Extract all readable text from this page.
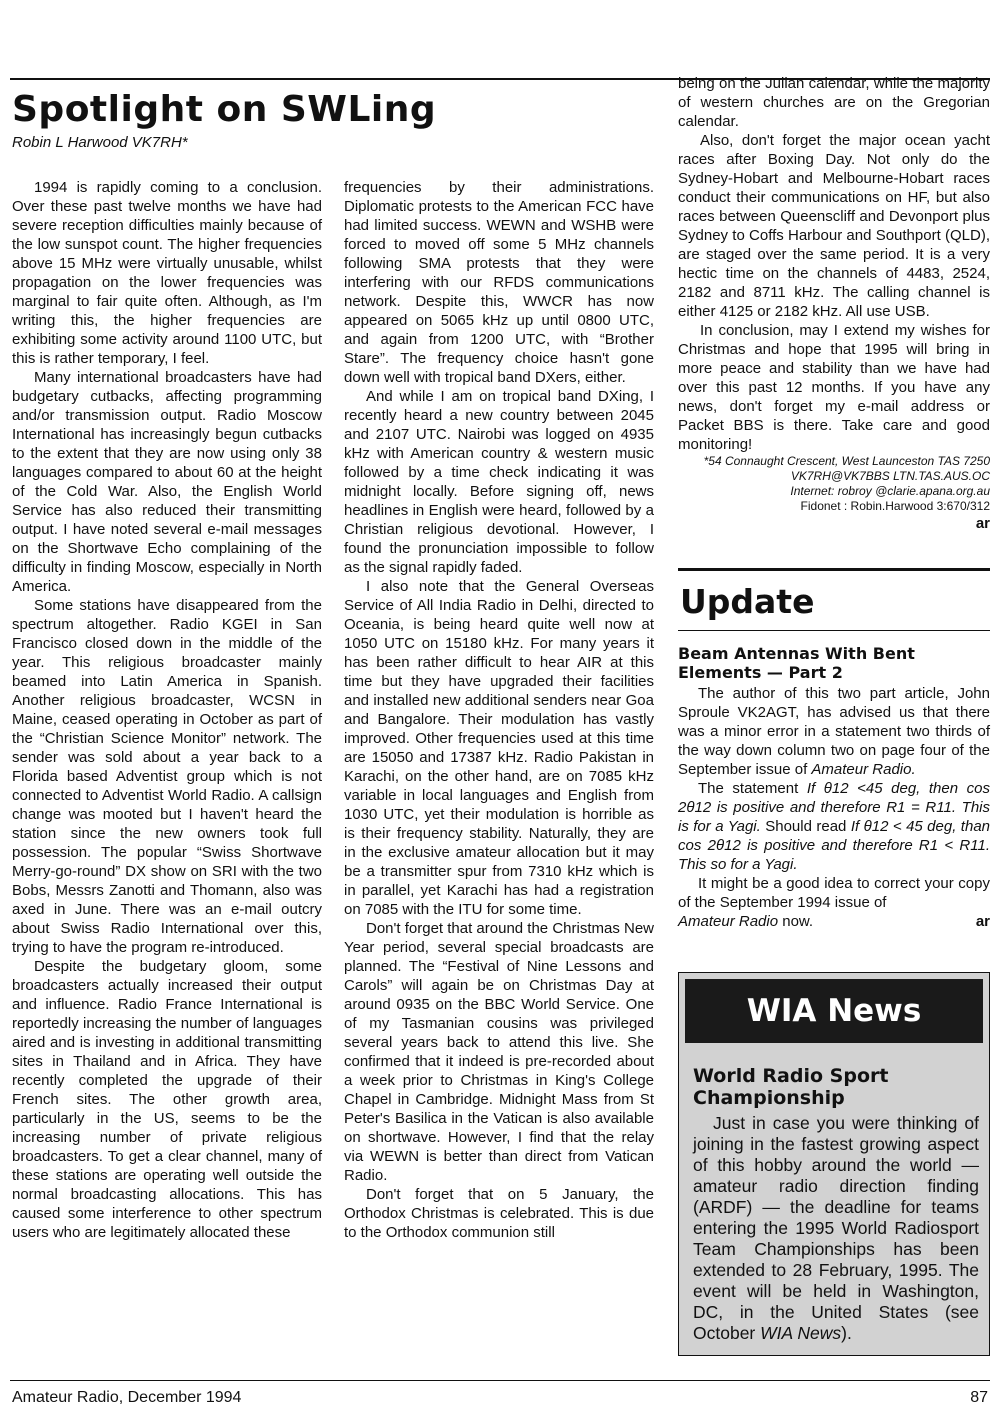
Spotlight on SWLing

Robin L Harwood VK7RH*

1994 is rapidly coming to a conclusion. Over these past twelve months we have had severe reception difficulties mainly because of the low sunspot count. The higher frequencies above 15 MHz were virtually unusable, whilst propagation on the lower frequencies was marginal to fair quite often. Although, as I'm writing this, the higher frequencies are exhibiting some activity around 1100 UTC, but this is rather temporary, I feel.

Many international broadcasters have had budgetary cutbacks, affecting programming and/or transmission output. Radio Moscow International has increasingly begun cutbacks to the extent that they are now using only 38 languages compared to about 60 at the height of the Cold War. Also, the English World Service has also reduced their transmitting output. I have noted several e-mail messages on the Shortwave Echo complaining of the difficulty in finding Moscow, especially in North America.

Some stations have disappeared from the spectrum altogether. Radio KGEI in San Francisco closed down in the middle of the year. This religious broadcaster mainly beamed into Latin America in Spanish. Another religious broadcaster, WCSN in Maine, ceased operating in October as part of the “Christian Science Monitor” network. The sender was sold about a year back to a Florida based Adventist group which is not connected to Adventist World Radio. A callsign change was mooted but I haven't heard the station since the new owners took full possession. The popular “Swiss Shortwave Merry-go-round” DX show on SRI with the two Bobs, Messrs Zanotti and Thomann, also was axed in June. There was an e-mail outcry about Swiss Radio International over this, trying to have the program re-introduced.

Despite the budgetary gloom, some broadcasters actually increased their output and influence. Radio France International is reportedly increasing the number of languages aired and is investing in additional transmitting sites in Thailand and in Africa. They have recently completed the upgrade of their French sites. The other growth area, particularly in the US, seems to be the increasing number of private religious broadcasters. To get a clear channel, many of these stations are operating well outside the normal broadcasting allocations. This has caused some interference to other spectrum users who are legitimately allocated these

frequencies by their administrations. Diplomatic protests to the American FCC have had limited success. WEWN and WSHB were forced to moved off some 5 MHz channels following SMA protests that they were interfering with our RFDS communications network. Despite this, WWCR has now appeared on 5065 kHz up until 0800 UTC, and again from 1200 UTC, with “Brother Stare”. The frequency choice hasn't gone down well with tropical band DXers, either.

And while I am on tropical band DXing, I recently heard a new country between 2045 and 2107 UTC. Nairobi was logged on 4935 kHz with American country & western music followed by a time check indicating it was midnight locally. Before signing off, news headlines in English were heard, followed by a Christian religious devotional. However, I found the pronunciation impossible to follow as the signal rapidly faded.

I also note that the General Overseas Service of All India Radio in Delhi, directed to Oceania, is being heard quite well now at 1050 UTC on 15180 kHz. For many years it has been rather difficult to hear AIR at this time but they have upgraded their facilities and installed new additional senders near Goa and Bangalore. Their modulation has vastly improved. Other frequencies used at this time are 15050 and 17387 kHz. Radio Pakistan in Karachi, on the other hand, are on 7085 kHz variable in local languages and English from 1030 UTC, yet their modulation is horrible as is their frequency stability. Naturally, they are in the exclusive amateur allocation but it may be a transmitter spur from 7310 kHz which is in parallel, yet Karachi has had a registration on 7085 with the ITU for some time.

Don't forget that around the Christmas New Year period, several special broadcasts are planned. The “Festival of Nine Lessons and Carols” will again be on Christmas Day at around 0935 on the BBC World Service. One of my Tasmanian cousins was privileged several years back to attend this live. She confirmed that it indeed is pre-recorded about a week prior to Christmas in King's College Chapel in Cambridge. Midnight Mass from St Peter's Basilica in the Vatican is also available on shortwave. However, I find that the relay via WEWN is better than direct from Vatican Radio.

Don't forget that on 5 January, the Orthodox Christmas is celebrated. This is due to the Orthodox communion still

being on the Julian calendar, while the majority of western churches are on the Gregorian calendar.

Also, don't forget the major ocean yacht races after Boxing Day. Not only do the Sydney-Hobart and Melbourne-Hobart races conduct their communications on HF, but also races between Queenscliff and Devonport plus Sydney to Coffs Harbour and Southport (QLD), are staged over the same period. It is a very hectic time on the channels of 4483, 2524, 2182 and 8711 kHz. The calling channel is either 4125 or 2182 kHz. All use USB.

In conclusion, may I extend my wishes for Christmas and hope that 1995 will bring in more peace and stability than we have had over this past 12 months. If you have any news, don't forget my e-mail address or Packet BBS is there. Take care and good monitoring!

*54 Connaught Crescent, West Launceston TAS 7250

VK7RH@VK7BBS LTN.TAS.AUS.OC

Internet: robroy @clarie.apana.org.au

Fidonet : Robin.Harwood 3:670/312

ar

Update
Beam Antennas With Bent Elements — Part 2

The author of this two part article, John Sproule VK2AGT, has advised us that there was a minor error in a statement two thirds of the way down column two on page four of the September issue of Amateur Radio.

The statement If θ12 <45 deg, then cos 2θ12 is positive and therefore R1 = R11. This is for a Yagi. Should read If θ12 < 45 deg, than cos 2θ12 is positive and therefore R1 < R11. This so for a Yagi.

It might be a good idea to correct your copy of the September 1994 issue of

Amateur Radio now.	ar

WIA News
World Radio Sport Championship

Just in case you were thinking of joining in the fastest growing aspect of this hobby around the world — amateur radio direction finding (ARDF) — the deadline for teams entering the 1995 World Radiosport Team Championships has been extended to 28 February, 1995. The event will be held in Washington, DC, in the United States (see October WIA News).

Amateur Radio, December 1994	87
